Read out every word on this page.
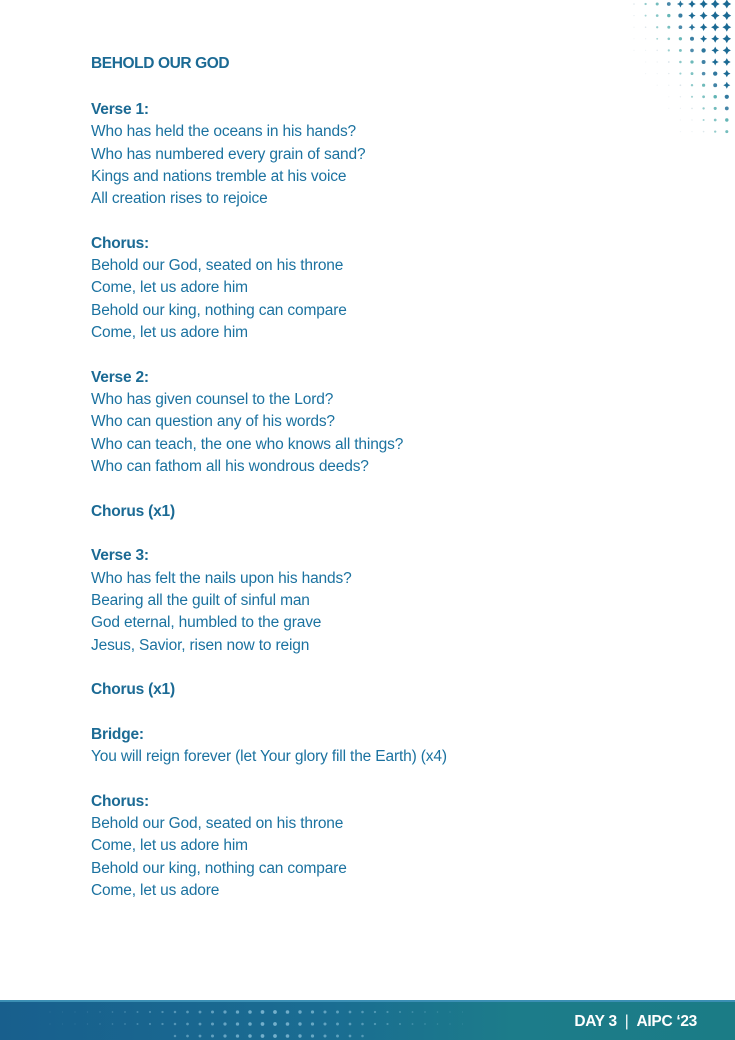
BEHOLD OUR GOD
Verse 1:
Who has held the oceans in his hands?
Who has numbered every grain of sand?
Kings and nations tremble at his voice
All creation rises to rejoice
Chorus:
Behold our God, seated on his throne
Come, let us adore him
Behold our king, nothing can compare
Come, let us adore him
Verse 2:
Who has given counsel to the Lord?
Who can question any of his words?
Who can teach, the one who knows all things?
Who can fathom all his wondrous deeds?
Chorus (x1)
Verse 3:
Who has felt the nails upon his hands?
Bearing all the guilt of sinful man
God eternal, humbled to the grave
Jesus, Savior, risen now to reign
Chorus (x1)
Bridge:
You will reign forever (let Your glory fill the Earth) (x4)
Chorus:
Behold our God, seated on his throne
Come, let us adore him
Behold our king, nothing can compare
Come, let us adore
DAY 3 | AIPC ‘23
